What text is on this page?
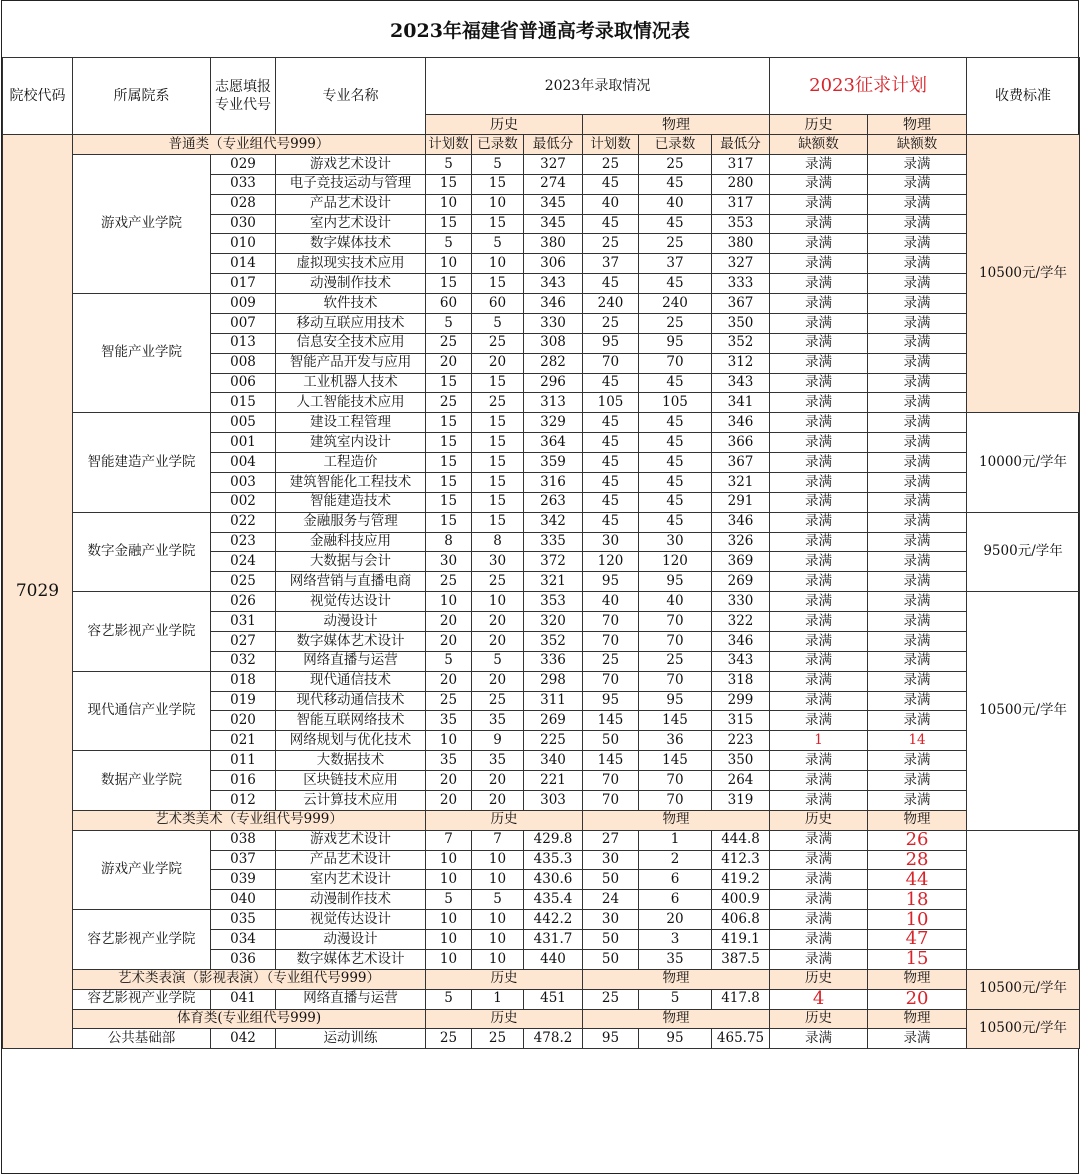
2023年福建省普通高考录取情况表
院校代码	所属院系	志愿填报专业代号	专业名称	2023年录取情况						2023征求计划		收费标准	
				历史			物理			历史	物理		
7029	普通类（专业组代号999）			计划数	已录数	最低分	计划数	已录数	最低分	缺额数	缺额数	10500元/学年	
	游戏产业学院	029	游戏艺术设计	5	5	327	25	25	317	录满	录满		
		033	电子竞技运动与管理	15	15	274	45	45	280	录满	录满		
		028	产品艺术设计	10	10	345	40	40	317	录满	录满		
		030	室内艺术设计	15	15	345	45	45	353	录满	录满		
		010	数字媒体技术	5	5	380	25	25	380	录满	录满		
		014	虚拟现实技术应用	10	10	306	37	37	327	录满	录满		
		017	动漫制作技术	15	15	343	45	45	333	录满	录满		
	智能产业学院	009	软件技术	60	60	346	240	240	367	录满	录满		
		007	移动互联应用技术	5	5	330	25	25	350	录满	录满		
		013	信息安全技术应用	25	25	308	95	95	352	录满	录满		
		008	智能产品开发与应用	20	20	282	70	70	312	录满	录满		
		006	工业机器人技术	15	15	296	45	45	343	录满	录满		
		015	人工智能技术应用	25	25	313	105	105	341	录满	录满		
	智能建造产业学院	005	建设工程管理	15	15	329	45	45	346	录满	录满	10000元/学年	
		001	建筑室内设计	15	15	364	45	45	366	录满	录满		
		004	工程造价	15	15	359	45	45	367	录满	录满		
		003	建筑智能化工程技术	15	15	316	45	45	321	录满	录满		
		002	智能建造技术	15	15	263	45	45	291	录满	录满		
	数字金融产业学院	022	金融服务与管理	15	15	342	45	45	346	录满	录满	9500元/学年	
		023	金融科技应用	8	8	335	30	30	326	录满	录满		
		024	大数据与会计	30	30	372	120	120	369	录满	录满		
		025	网络营销与直播电商	25	25	321	95	95	269	录满	录满		
	容艺影视产业学院	026	视觉传达设计	10	10	353	40	40	330	录满	录满	10500元/学年	
		031	动漫设计	20	20	320	70	70	322	录满	录满		
		027	数字媒体艺术设计	20	20	352	70	70	346	录满	录满		
		032	网络直播与运营	5	5	336	25	25	343	录满	录满		
	现代通信产业学院	018	现代通信技术	20	20	298	70	70	318	录满	录满		
		019	现代移动通信技术	25	25	311	95	95	299	录满	录满		
		020	智能互联网络技术	35	35	269	145	145	315	录满	录满		
		021	网络规划与优化技术	10	9	225	50	36	223	1	14		
	数据产业学院	011	大数据技术	35	35	340	145	145	350	录满	录满		
		016	区块链技术应用	20	20	221	70	70	264	录满	录满		
		012	云计算技术应用	20	20	303	70	70	319	录满	录满		
	艺术类美术（专业组代号999）			历史			物理			历史	物理	
	游戏产业学院	038	游戏艺术设计	7	7	429.8	27	1	444.8	录满	26		
		037	产品艺术设计	10	10	435.3	30	2	412.3	录满	28		
		039	室内艺术设计	10	10	430.6	50	6	419.2	录满	44		
		040	动漫制作技术	5	5	435.4	24	6	400.9	录满	18		
	容艺影视产业学院	035	视觉传达设计	10	10	442.2	30	20	406.8	录满	10		
		034	动漫设计	10	10	431.7	50	3	419.1	录满	47		
		036	数字媒体艺术设计	10	10	440	50	35	387.5	录满	15		
	艺术类表演（影视表演）（专业组代号999）			历史			物理			历史	物理	10500元/学年	
	容艺影视产业学院	041	网络直播与运营	5	1	451	25	5	417.8	4	20		
	体育类(专业组代号999)			历史			物理			历史	物理	10500元/学年	
	公共基础部	042	运动训练	25	25	478.2	95	95	465.75	录满	录满		
